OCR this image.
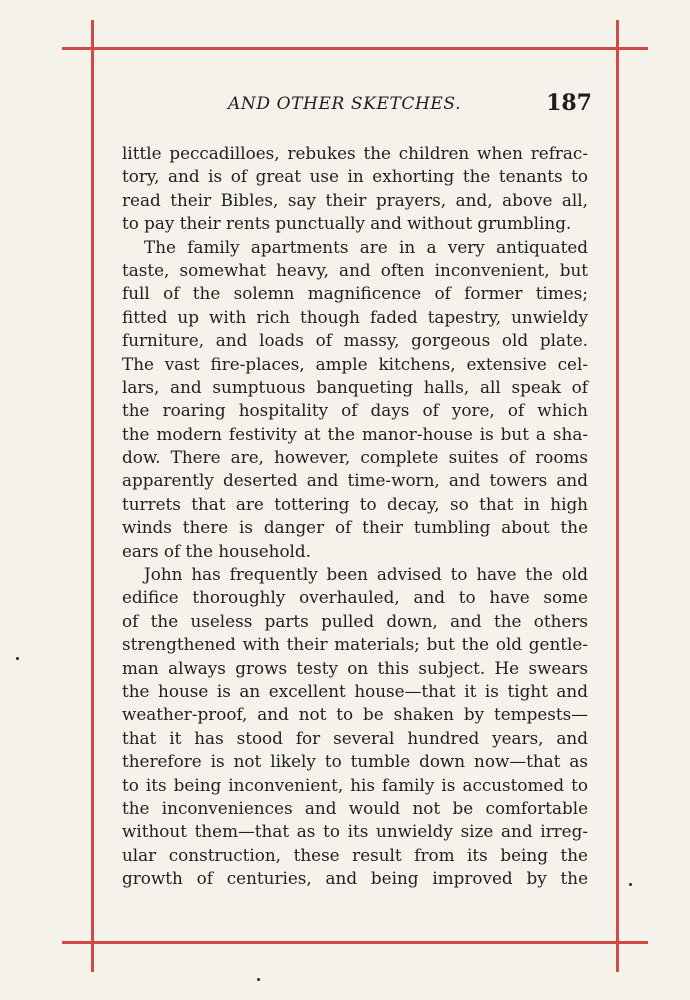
AND OTHER SKETCHES.	187
little peccadilloes, rebukes the children when refrac-
tory, and is of great use in exhorting the tenants to
read their Bibles, say their prayers, and, above all,
to pay their rents punctually and without grumbling.
The family apartments are in a very antiquated
taste, somewhat heavy, and often inconvenient, but
full of the solemn magnificence of former times;
fitted up with rich though faded tapestry, unwieldy
furniture, and loads of massy, gorgeous old plate.
The vast fire-places, ample kitchens, extensive cel-
lars, and sumptuous banqueting halls, all speak of
the roaring hospitality of days of yore, of which
the modern festivity at the manor-house is but a sha-
dow. There are, however, complete suites of rooms
apparently deserted and time-worn, and towers and
turrets that are tottering to decay, so that in high
winds there is danger of their tumbling about the
ears of the household.
John has frequently been advised to have the old
edifice thoroughly overhauled, and to have some
of the useless parts pulled down, and the others
strengthened with their materials; but the old gentle-
man always grows testy on this subject. He swears
the house is an excellent house—that it is tight and
weather-proof, and not to be shaken by tempests—
that it has stood for several hundred years, and
therefore is not likely to tumble down now—that as
to its being inconvenient, his family is accustomed to
the inconveniences and would not be comfortable
without them—that as to its unwieldy size and irreg-
ular construction, these result from its being the
growth of centuries, and being improved by the
